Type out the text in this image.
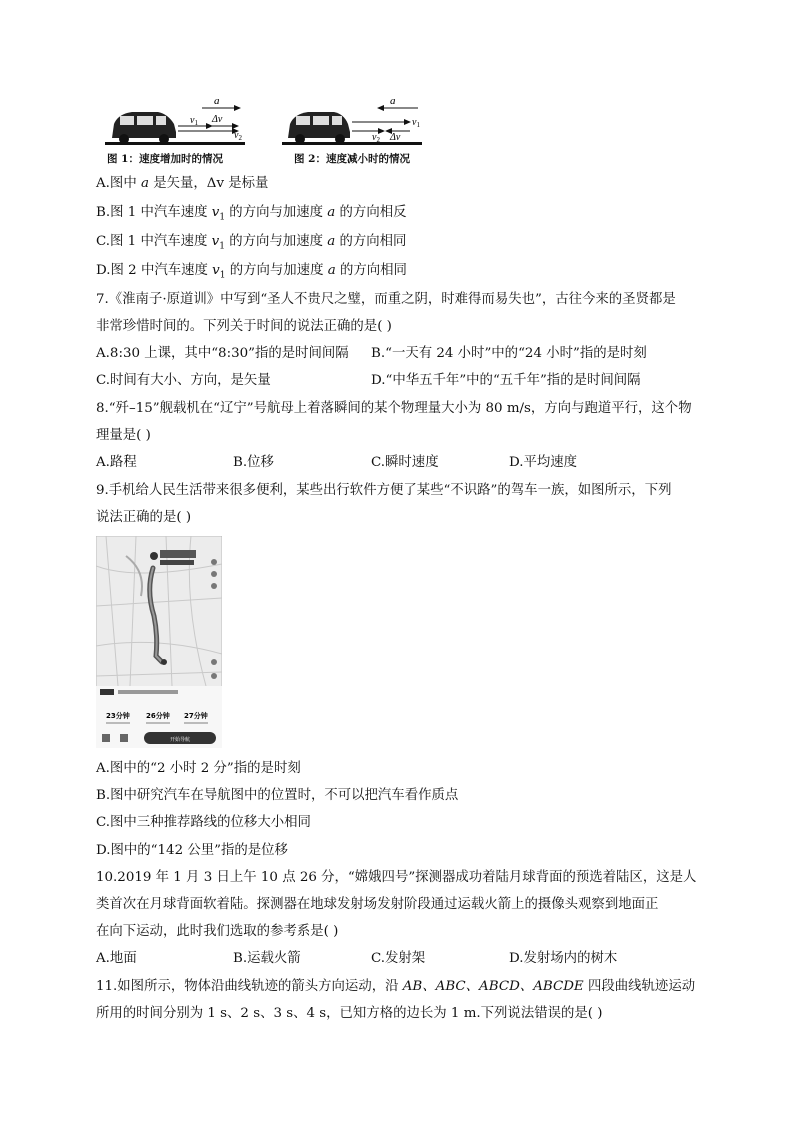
a
$v_1$ Δv
$v_2$
a
$v_1$
$v_2$ Δv
图 1：速度增加时的情况	图 2：速度减小时的情况
A.图中 a 是矢量，Δv 是标量
B.图 1 中汽车速度 $v_1$ 的方向与加速度 a 的方向相反
C.图 1 中汽车速度 $v_1$ 的方向与加速度 a 的方向相同
D.图 2 中汽车速度 $v_1$ 的方向与加速度 a 的方向相同
7.《淮南子·原道训》中写到“圣人不贵尺之璧，而重之阴，时难得而易失也”，古往今来的圣贤都是
非常珍惜时间的。下列关于时间的说法正确的是( )
A.8:30 上课，其中“8:30”指的是时间间隔 B.“一天有 24 小时”中的“24 小时”指的是时刻
C.时间有大小、方向，是矢量	D.“中华五千年”中的“五千年”指的是时间间隔
8.“歼–15”舰载机在“辽宁”号航母上着落瞬间的某个物理量大小为 80 m/s，方向与跑道平行，这个物
理量是( )
A.路程	B.位移	C.瞬时速度	D.平均速度
9.手机给人民生活带来很多便利，某些出行软件方便了某些“不识路”的驾车一族，如图所示，下列
说法正确的是( )
23分钟 26分钟 27分钟
开始导航
A.图中的“2 小时 2 分”指的是时刻
B.图中研究汽车在导航图中的位置时，不可以把汽车看作质点
C.图中三种推荐路线的位移大小相同
D.图中的“142 公里”指的是位移
10.2019 年 1 月 3 日上午 10 点 26 分，“嫦娥四号”探测器成功着陆月球背面的预选着陆区，这是人
类首次在月球背面软着陆。探测器在地球发射场发射阶段通过运载火箭上的摄像头观察到地面正
在向下运动，此时我们选取的参考系是( )
A.地面	B.运载火箭	C.发射架	D.发射场内的树木
11.如图所示，物体沿曲线轨迹的箭头方向运动，沿 AB、ABC、ABCD、ABCDE 四段曲线轨迹运动
所用的时间分别为 1 s、2 s、3 s、4 s，已知方格的边长为 1 m.下列说法错误的是( )
